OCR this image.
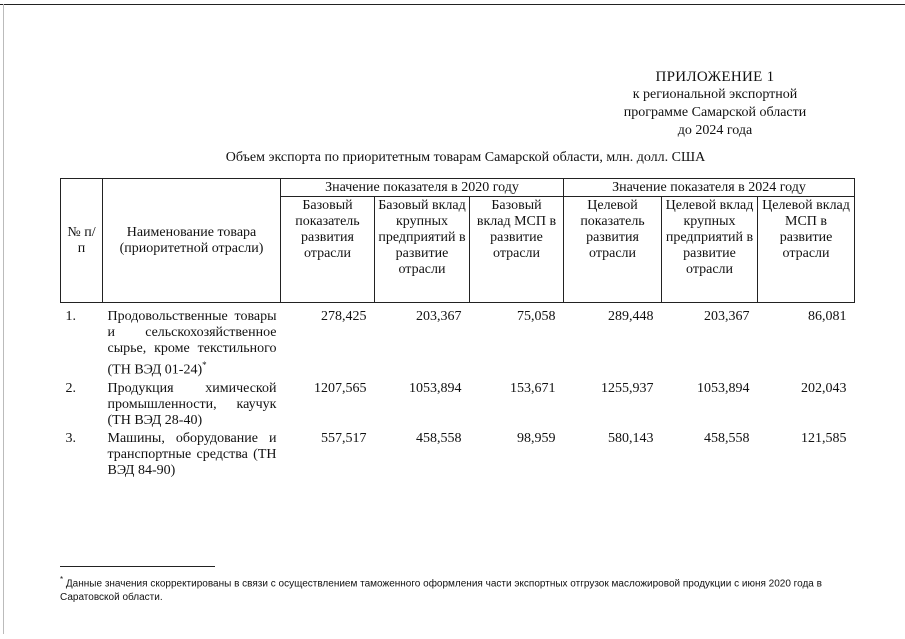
ПРИЛОЖЕНИЕ 1
к региональной экспортной
программе Самарской области
до 2024 года
Объем экспорта по приоритетным товарам Самарской области, млн. долл. США
№ п/п	Наименование товара (приоритетной отрасли)	Значение показателя в 2020 году			Значение показателя в 2024 году		
		Базовый показатель развития отрасли	Базовый вклад крупных предприятий в развитие отрасли	Базовый вклад МСП в развитие отрасли	Целевой показатель развития отрасли	Целевой вклад крупных предприятий в развитие отрасли	Целевой вклад МСП в развитие отрасли
1.	Продовольственные товары и сельскохозяйственное сырье, кроме текстильного (ТН ВЭД 01-24)*	278,425	203,367	75,058	289,448	203,367	86,081
2.	Продукция химической промышленности, каучук (ТН ВЭД 28-40)	1207,565	1053,894	153,671	1255,937	1053,894	202,043
3.	Машины, оборудование и транспортные средства (ТН ВЭД 84-90)	557,517	458,558	98,959	580,143	458,558	121,585
* Данные значения скорректированы в связи с осуществлением таможенного оформления части экспортных отгрузок масложировой продукции с июня 2020 года в Саратовской области.
